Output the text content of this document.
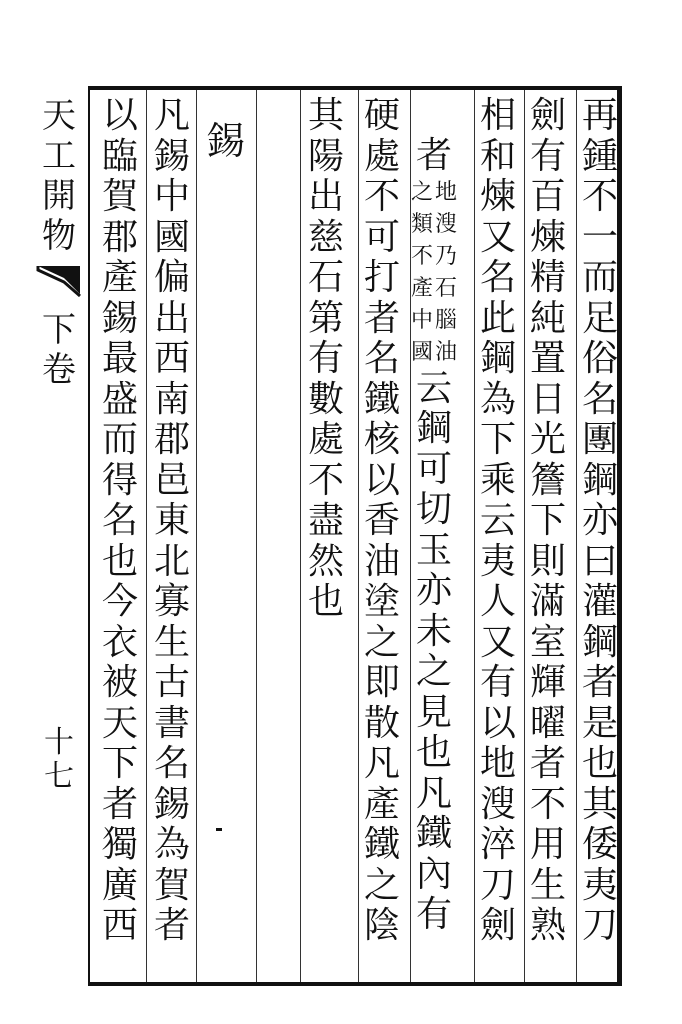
天
工
開
物
下
卷
十
七
再
鍾
不
一
而
足
俗
名
團
鋼
亦
曰
灌
鋼
者
是
也
其
倭
夷
刀
劍
有
百
煉
精
純
置
日
光
簷
下
則
滿
室
輝
曜
者
不
用
生
熟
相
和
煉
又
名
此
鋼
為
下
乘
云
夷
人
又
有
以
地
溲
淬
刀
劍
者
地
溲
乃
石
腦
油
之
類
不
產
中
國
云
鋼
可
切
玉
亦
未
之
見
也
凡
鐵
內
有
硬
處
不
可
打
者
名
鐵
核
以
香
油
塗
之
即
散
凡
產
鐵
之
陰
其
陽
出
慈
石
第
有
數
處
不
盡
然
也
錫
凡
錫
中
國
偏
出
西
南
郡
邑
東
北
寡
生
古
書
名
錫
為
賀
者
以
臨
賀
郡
產
錫
最
盛
而
得
名
也
今
衣
被
天
下
者
獨
廣
西
